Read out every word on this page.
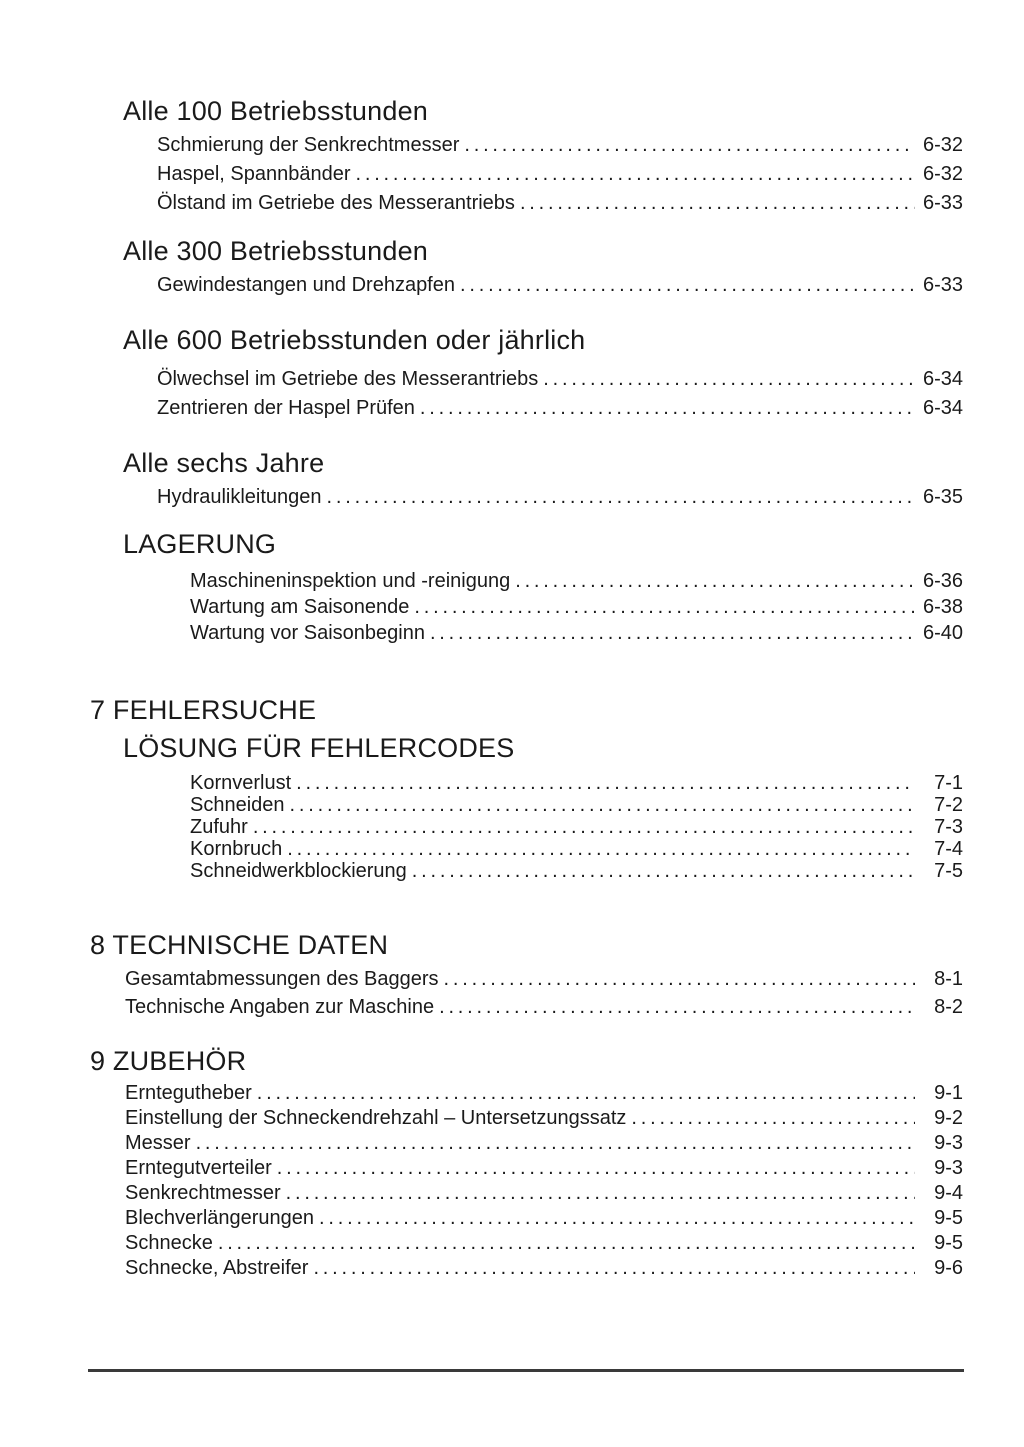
Alle 100 Betriebsstunden
Schmierung der Senkrechtmesser .....	6-32
Haspel, Spannbänder .....	6-32
Ölstand im Getriebe des Messerantriebs .....	6-33
Alle 300 Betriebsstunden
Gewindestangen und Drehzapfen .....	6-33
Alle 600 Betriebsstunden oder jährlich
Ölwechsel im Getriebe des Messerantriebs .....	6-34
Zentrieren der Haspel Prüfen .....	6-34
Alle sechs Jahre
Hydraulikleitungen .....	6-35
LAGERUNG
Maschineninspektion und -reinigung .....	6-36
Wartung am Saisonende .....	6-38
Wartung vor Saisonbeginn .....	6-40
7 FEHLERSUCHE
LÖSUNG FÜR FEHLERCODES
Kornverlust .....	7-1
Schneiden .....	7-2
Zufuhr .....	7-3
Kornbruch .....	7-4
Schneidwerkblockierung .....	7-5
8 TECHNISCHE DATEN
Gesamtabmessungen des Baggers .....	8-1
Technische Angaben zur Maschine .....	8-2
9 ZUBEHÖR
Erntegutheber .....	9-1
Einstellung der Schneckendrehzahl – Untersetzungssatz .....	9-2
Messer .....	9-3
Erntegutverteiler .....	9-3
Senkrechtmesser .....	9-4
Blechverlängerungen .....	9-5
Schnecke .....	9-5
Schnecke, Abstreifer .....	9-6
